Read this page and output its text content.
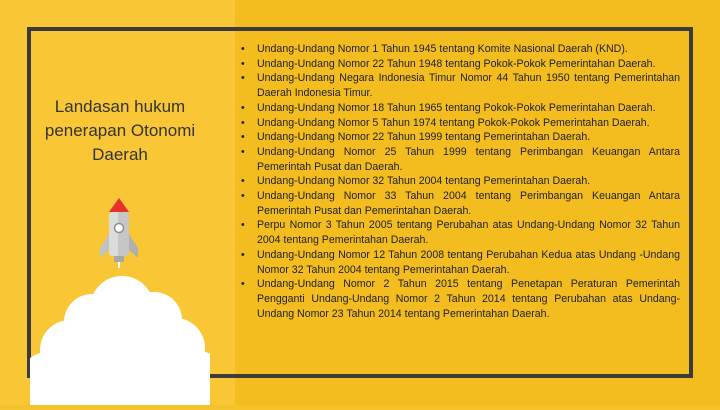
Landasan hukum penerapan Otonomi Daerah
• Undang-Undang Nomor 1 Tahun 1945 tentang Komite Nasional Daerah (KND).
• Undang-Undang Nomor 22 Tahun 1948 tentang Pokok-Pokok Pemerintahan Daerah.
• Undang-Undang Negara Indonesia Timur Nomor 44 Tahun 1950 tentang Pemerintahan Daerah Indonesia Timur.
• Undang-Undang Nomor 18 Tahun 1965 tentang Pokok-Pokok Pemerintahan Daerah.
• Undang-Undang Nomor 5 Tahun 1974 tentang Pokok-Pokok Pemerintahan Daerah.
• Undang-Undang Nomor 22 Tahun 1999 tentang Pemerintahan Daerah.
• Undang-Undang Nomor 25 Tahun 1999 tentang Perimbangan Keuangan Antara Pemerintah Pusat dan Daerah.
• Undang-Undang Nomor 32 Tahun 2004 tentang Pemerintahan Daerah.
• Undang-Undang Nomor 33 Tahun 2004 tentang Perimbangan Keuangan Antara Pemerintah Pusat dan Pemerintahan Daerah.
• Perpu Nomor 3 Tahun 2005 tentang Perubahan atas Undang-Undang Nomor 32 Tahun 2004 tentang Pemerintahan Daerah.
• Undang-Undang Nomor 12 Tahun 2008 tentang Perubahan Kedua atas Undang -Undang Nomor 32 Tahun 2004 tentang Pemerintahan Daerah.
• Undang-Undang Nomor 2 Tahun 2015 tentang Penetapan Peraturan Pemerintah Pengganti Undang-Undang Nomor 2 Tahun 2014 tentang Perubahan atas Undang-Undang Nomor 23 Tahun 2014 tentang Pemerintahan Daerah.
